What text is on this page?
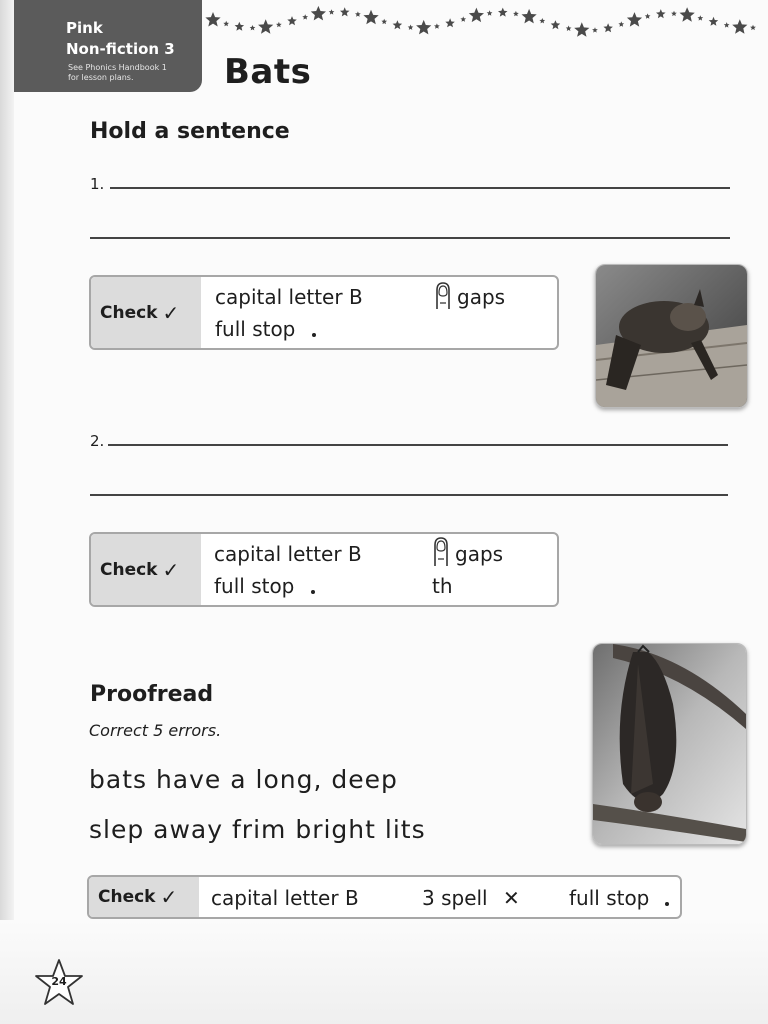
Pink
Non-fiction 3
See Phonics Handbook 1
for lesson plans.	Bats
Hold a sentence
1.
Check ✓
capital letter B	gaps
full stop
2.
Check ✓
capital letter B	gaps
full stop	th
Proofread
Correct 5 errors.
bats have a long, deep
slep away frim bright lits
Check ✓ capital letter B	3 spell ✕ full stop
24
